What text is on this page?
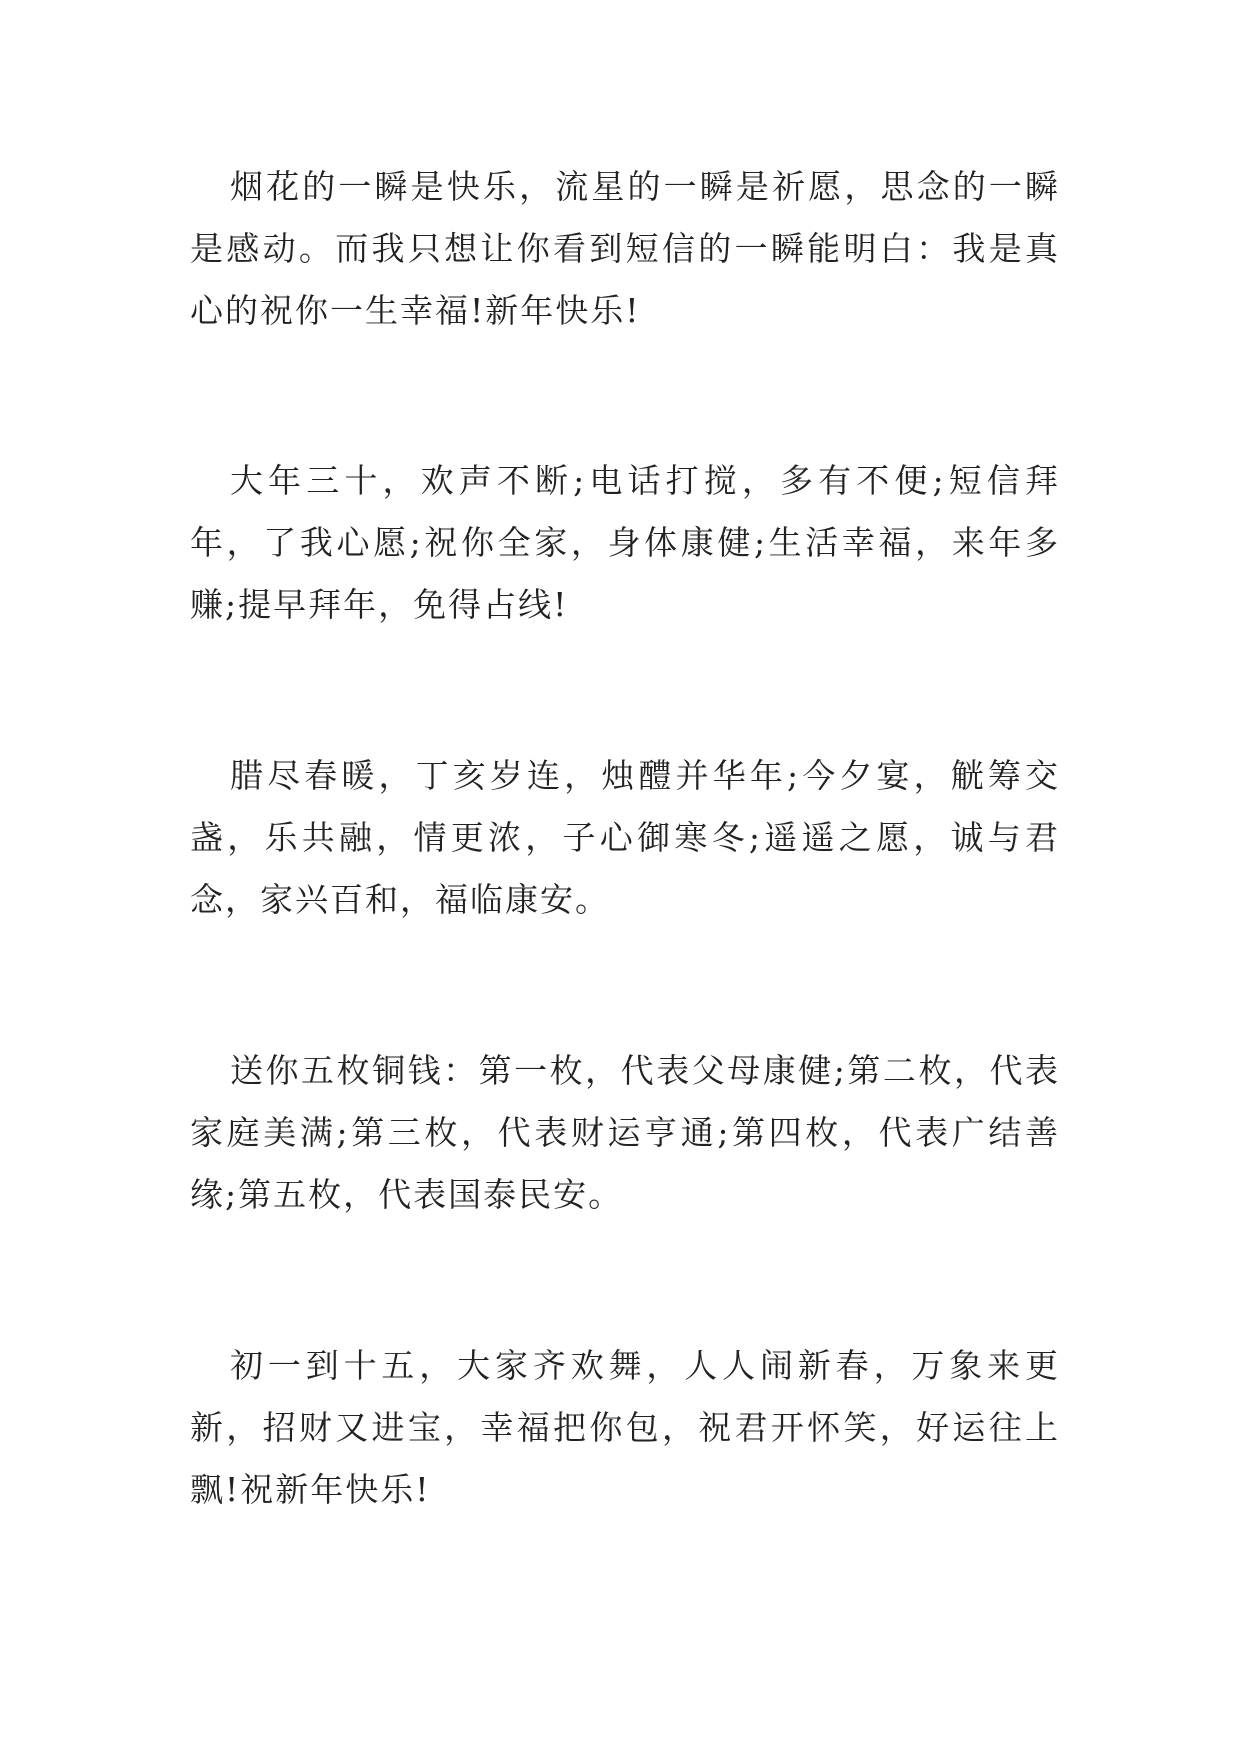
烟花的一瞬是快乐，流星的一瞬是祈愿，思念的一瞬是感动。而我只想让你看到短信的一瞬能明白：我是真心的祝你一生幸福!新年快乐!

大年三十，欢声不断;电话打搅，多有不便;短信拜年，了我心愿;祝你全家，身体康健;生活幸福，来年多赚;提早拜年，免得占线!

腊尽春暖，丁亥岁连，烛醴并华年;今夕宴，觥筹交盏，乐共融，情更浓，子心御寒冬;遥遥之愿，诚与君念，家兴百和，福临康安。

送你五枚铜钱：第一枚，代表父母康健;第二枚，代表家庭美满;第三枚，代表财运亨通;第四枚，代表广结善缘;第五枚，代表国泰民安。

初一到十五，大家齐欢舞，人人闹新春，万象来更新，招财又进宝，幸福把你包，祝君开怀笑，好运往上飘!祝新年快乐!
